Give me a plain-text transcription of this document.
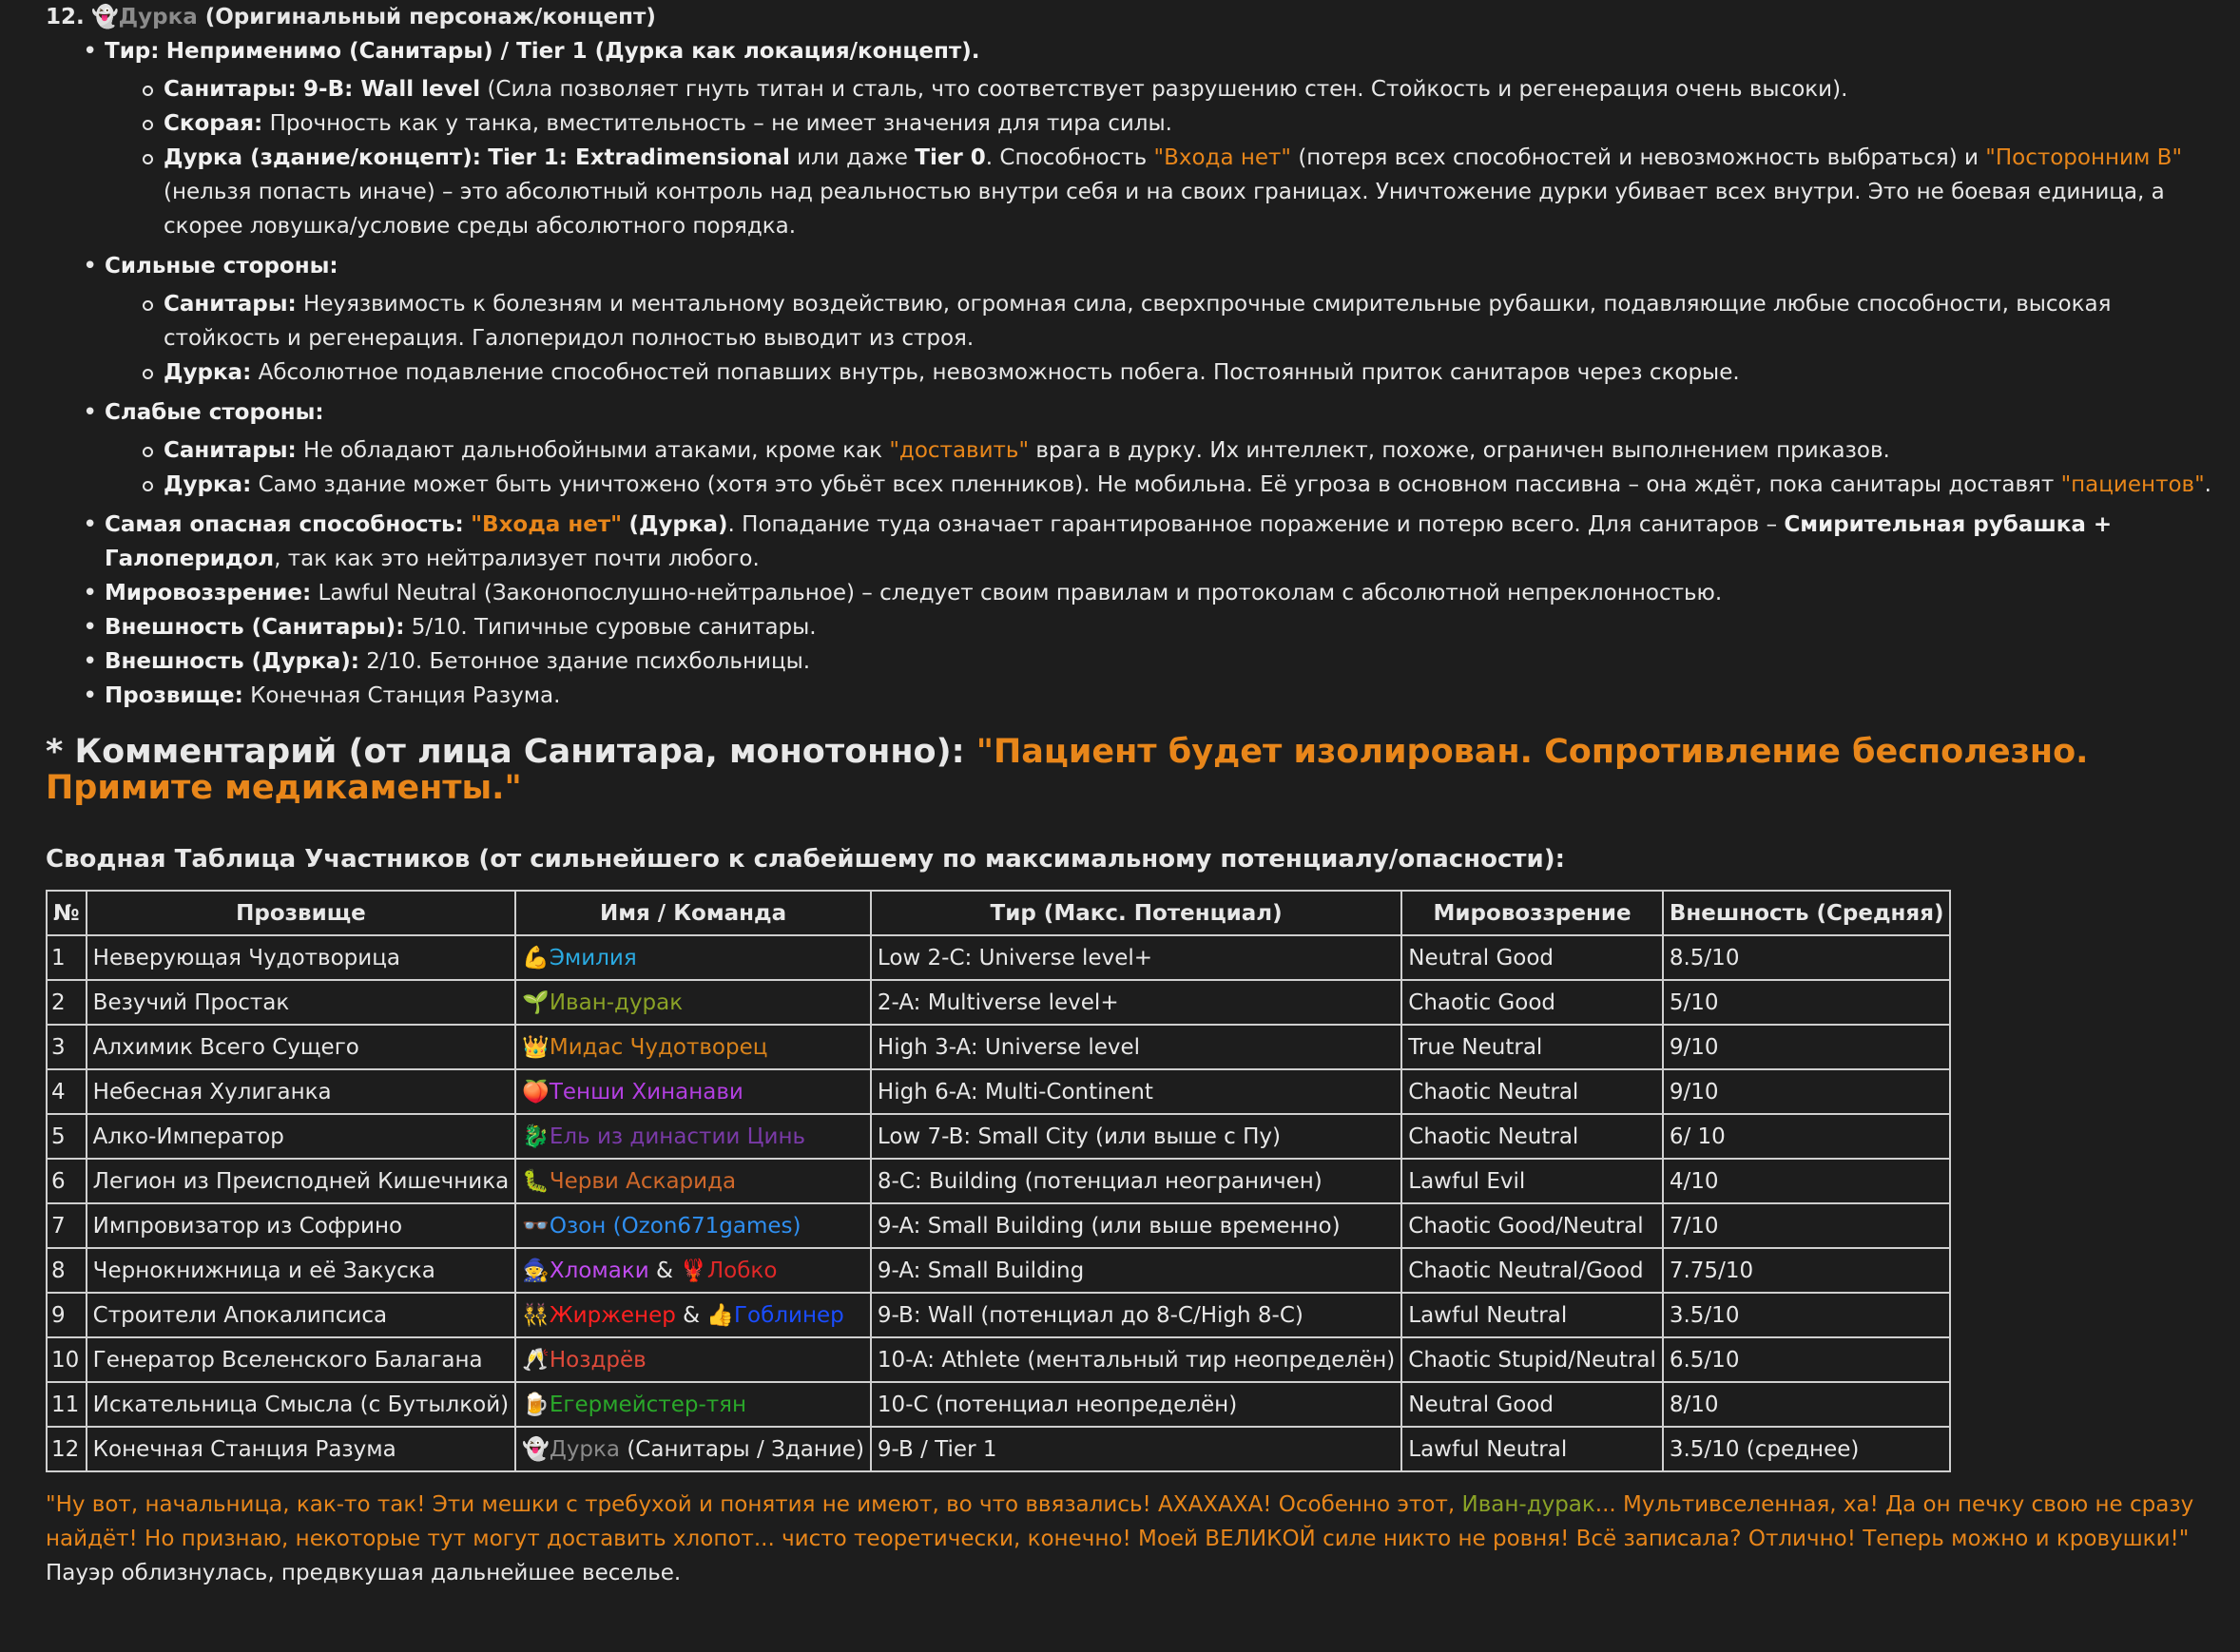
12. 👻Дурка (Оригинальный персонаж/концепт)
• Тир: Неприменимо (Санитары) / Tier 1 (Дурка как локация/концепт).
Санитары: 9-B: Wall level (Сила позволяет гнуть титан и сталь, что соответствует разрушению стен. Стойкость и регенерация очень высоки).
Скорая: Прочность как у танка, вместительность – не имеет значения для тира силы.
Дурка (здание/концепт): Tier 1: Extradimensional или даже Tier 0. Способность "Входа нет" (потеря всех способностей и невозможность выбраться) и "Посторонним В" (нельзя попасть иначе) – это абсолютный контроль над реальностью внутри себя и на своих границах. Уничтожение дурки убивает всех внутри. Это не боевая единица, а скорее ловушка/условие среды абсолютного порядка.
• Сильные стороны:
Санитары: Неуязвимость к болезням и ментальному воздействию, огромная сила, сверхпрочные смирительные рубашки, подавляющие любые способности, высокая стойкость и регенерация. Галоперидол полностью выводит из строя.
Дурка: Абсолютное подавление способностей попавших внутрь, невозможность побега. Постоянный приток санитаров через скорые.
• Слабые стороны:
Санитары: Не обладают дальнобойными атаками, кроме как "доставить" врага в дурку. Их интеллект, похоже, ограничен выполнением приказов.
Дурка: Само здание может быть уничтожено (хотя это убьёт всех пленников). Не мобильна. Её угроза в основном пассивна – она ждёт, пока санитары доставят "пациентов".
• Самая опасная способность: "Входа нет" (Дурка). Попадание туда означает гарантированное поражение и потерю всего. Для санитаров – Смирительная рубашка + Галоперидол, так как это нейтрализует почти любого.
• Мировоззрение: Lawful Neutral (Законопослушно-нейтральное) – следует своим правилам и протоколам с абсолютной непреклонностью.
• Внешность (Санитары): 5/10. Типичные суровые санитары.
• Внешность (Дурка): 2/10. Бетонное здание психбольницы.
• Прозвище: Конечная Станция Разума.
* Комментарий (от лица Санитара, монотонно): "Пациент будет изолирован. Сопротивление бесполезно. Примите медикаменты."
Сводная Таблица Участников (от сильнейшего к слабейшему по максимальному потенциалу/опасности):
№	Прозвище	Имя / Команда	Тир (Макс. Потенциал)	Мировоззрение	Внешность (Средняя)
1	Неверующая Чудотворица	💪Эмилия	Low 2-C: Universe level+	Neutral Good	8.5/10
2	Везучий Простак	🌱Иван-дурак	2-A: Multiverse level+	Chaotic Good	5/10
3	Алхимик Всего Сущего	👑Мидас Чудотворец	High 3-A: Universe level	True Neutral	9/10
4	Небесная Хулиганка	🍑Тенши Хинанави	High 6-A: Multi-Continent	Chaotic Neutral	9/10
5	Алко-Император	🐉Ель из династии Цинь	Low 7-B: Small City (или выше с Пу)	Chaotic Neutral	6/ 10
6	Легион из Преисподней Кишечника	🐛Черви Аскарида	8-C: Building (потенциал неограничен)	Lawful Evil	4/10
7	Импровизатор из Софрино	👓Озон (Ozon671games)	9-A: Small Building (или выше временно)	Chaotic Good/Neutral	7/10
8	Чернокнижница и её Закуска	🧙Хломаки & 🦞Лобко	9-A: Small Building	Chaotic Neutral/Good	7.75/10
9	Строители Апокалипсиса	👯Жирженер & 👍Гоблинер	9-B: Wall (потенциал до 8-C/High 8-C)	Lawful Neutral	3.5/10
10	Генератор Вселенского Балагана	🥂Ноздрёв	10-A: Athlete (ментальный тир неопределён)	Chaotic Stupid/Neutral	6.5/10
11	Искательница Смысла (с Бутылкой)	🍺Егермейстер-тян	10-C (потенциал неопределён)	Neutral Good	8/10
12	Конечная Станция Разума	👻Дурка (Санитары / Здание)	9-B / Tier 1	Lawful Neutral	3.5/10 (среднее)
"Ну вот, начальница, как-то так! Эти мешки с требухой и понятия не имеют, во что ввязались! АХАХАХА! Особенно этот, Иван-дурак... Мультивселенная, ха! Да он печку свою не сразу найдёт! Но признаю, некоторые тут могут доставить хлопот... чисто теоретически, конечно! Моей ВЕЛИКОЙ силе никто не ровня! Всё записала? Отлично! Теперь можно и кровушки!" Пауэр облизнулась, предвкушая дальнейшее веселье.
